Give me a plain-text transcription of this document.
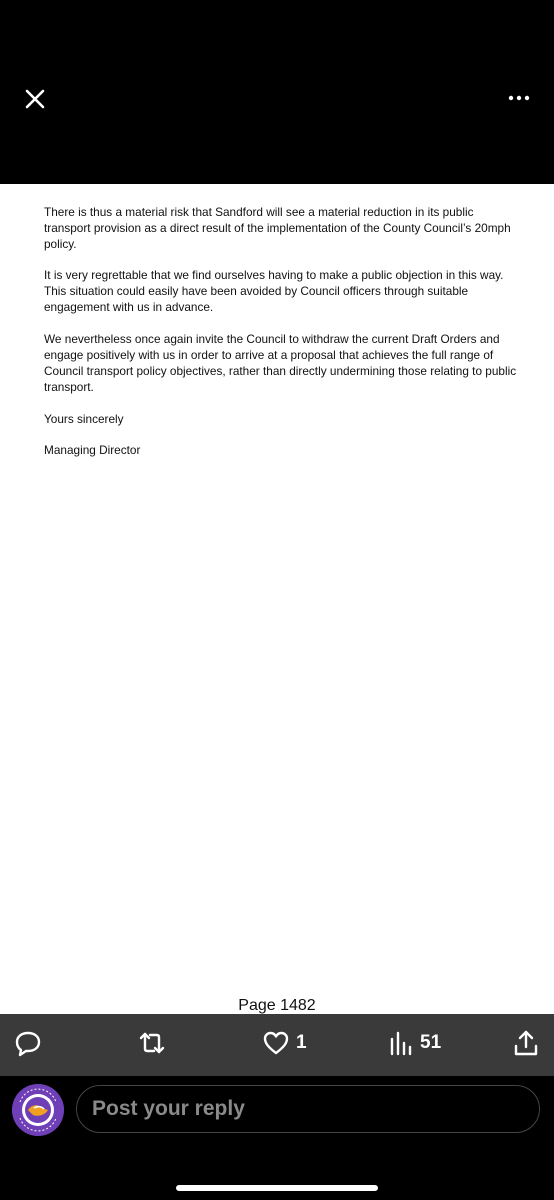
There is thus a material risk that Sandford will see a material reduction in its public transport provision as a direct result of the implementation of the County Council’s 20mph policy.

It is very regrettable that we find ourselves having to make a public objection in this way. This situation could easily have been avoided by Council officers through suitable engagement with us in advance.

We nevertheless once again invite the Council to withdraw the current Draft Orders and engage positively with us in order to arrive at a proposal that achieves the full range of Council transport policy objectives, rather than directly undermining those relating to public transport.

Yours sincerely

Managing Director

Page 1482
1	51
Post your reply
